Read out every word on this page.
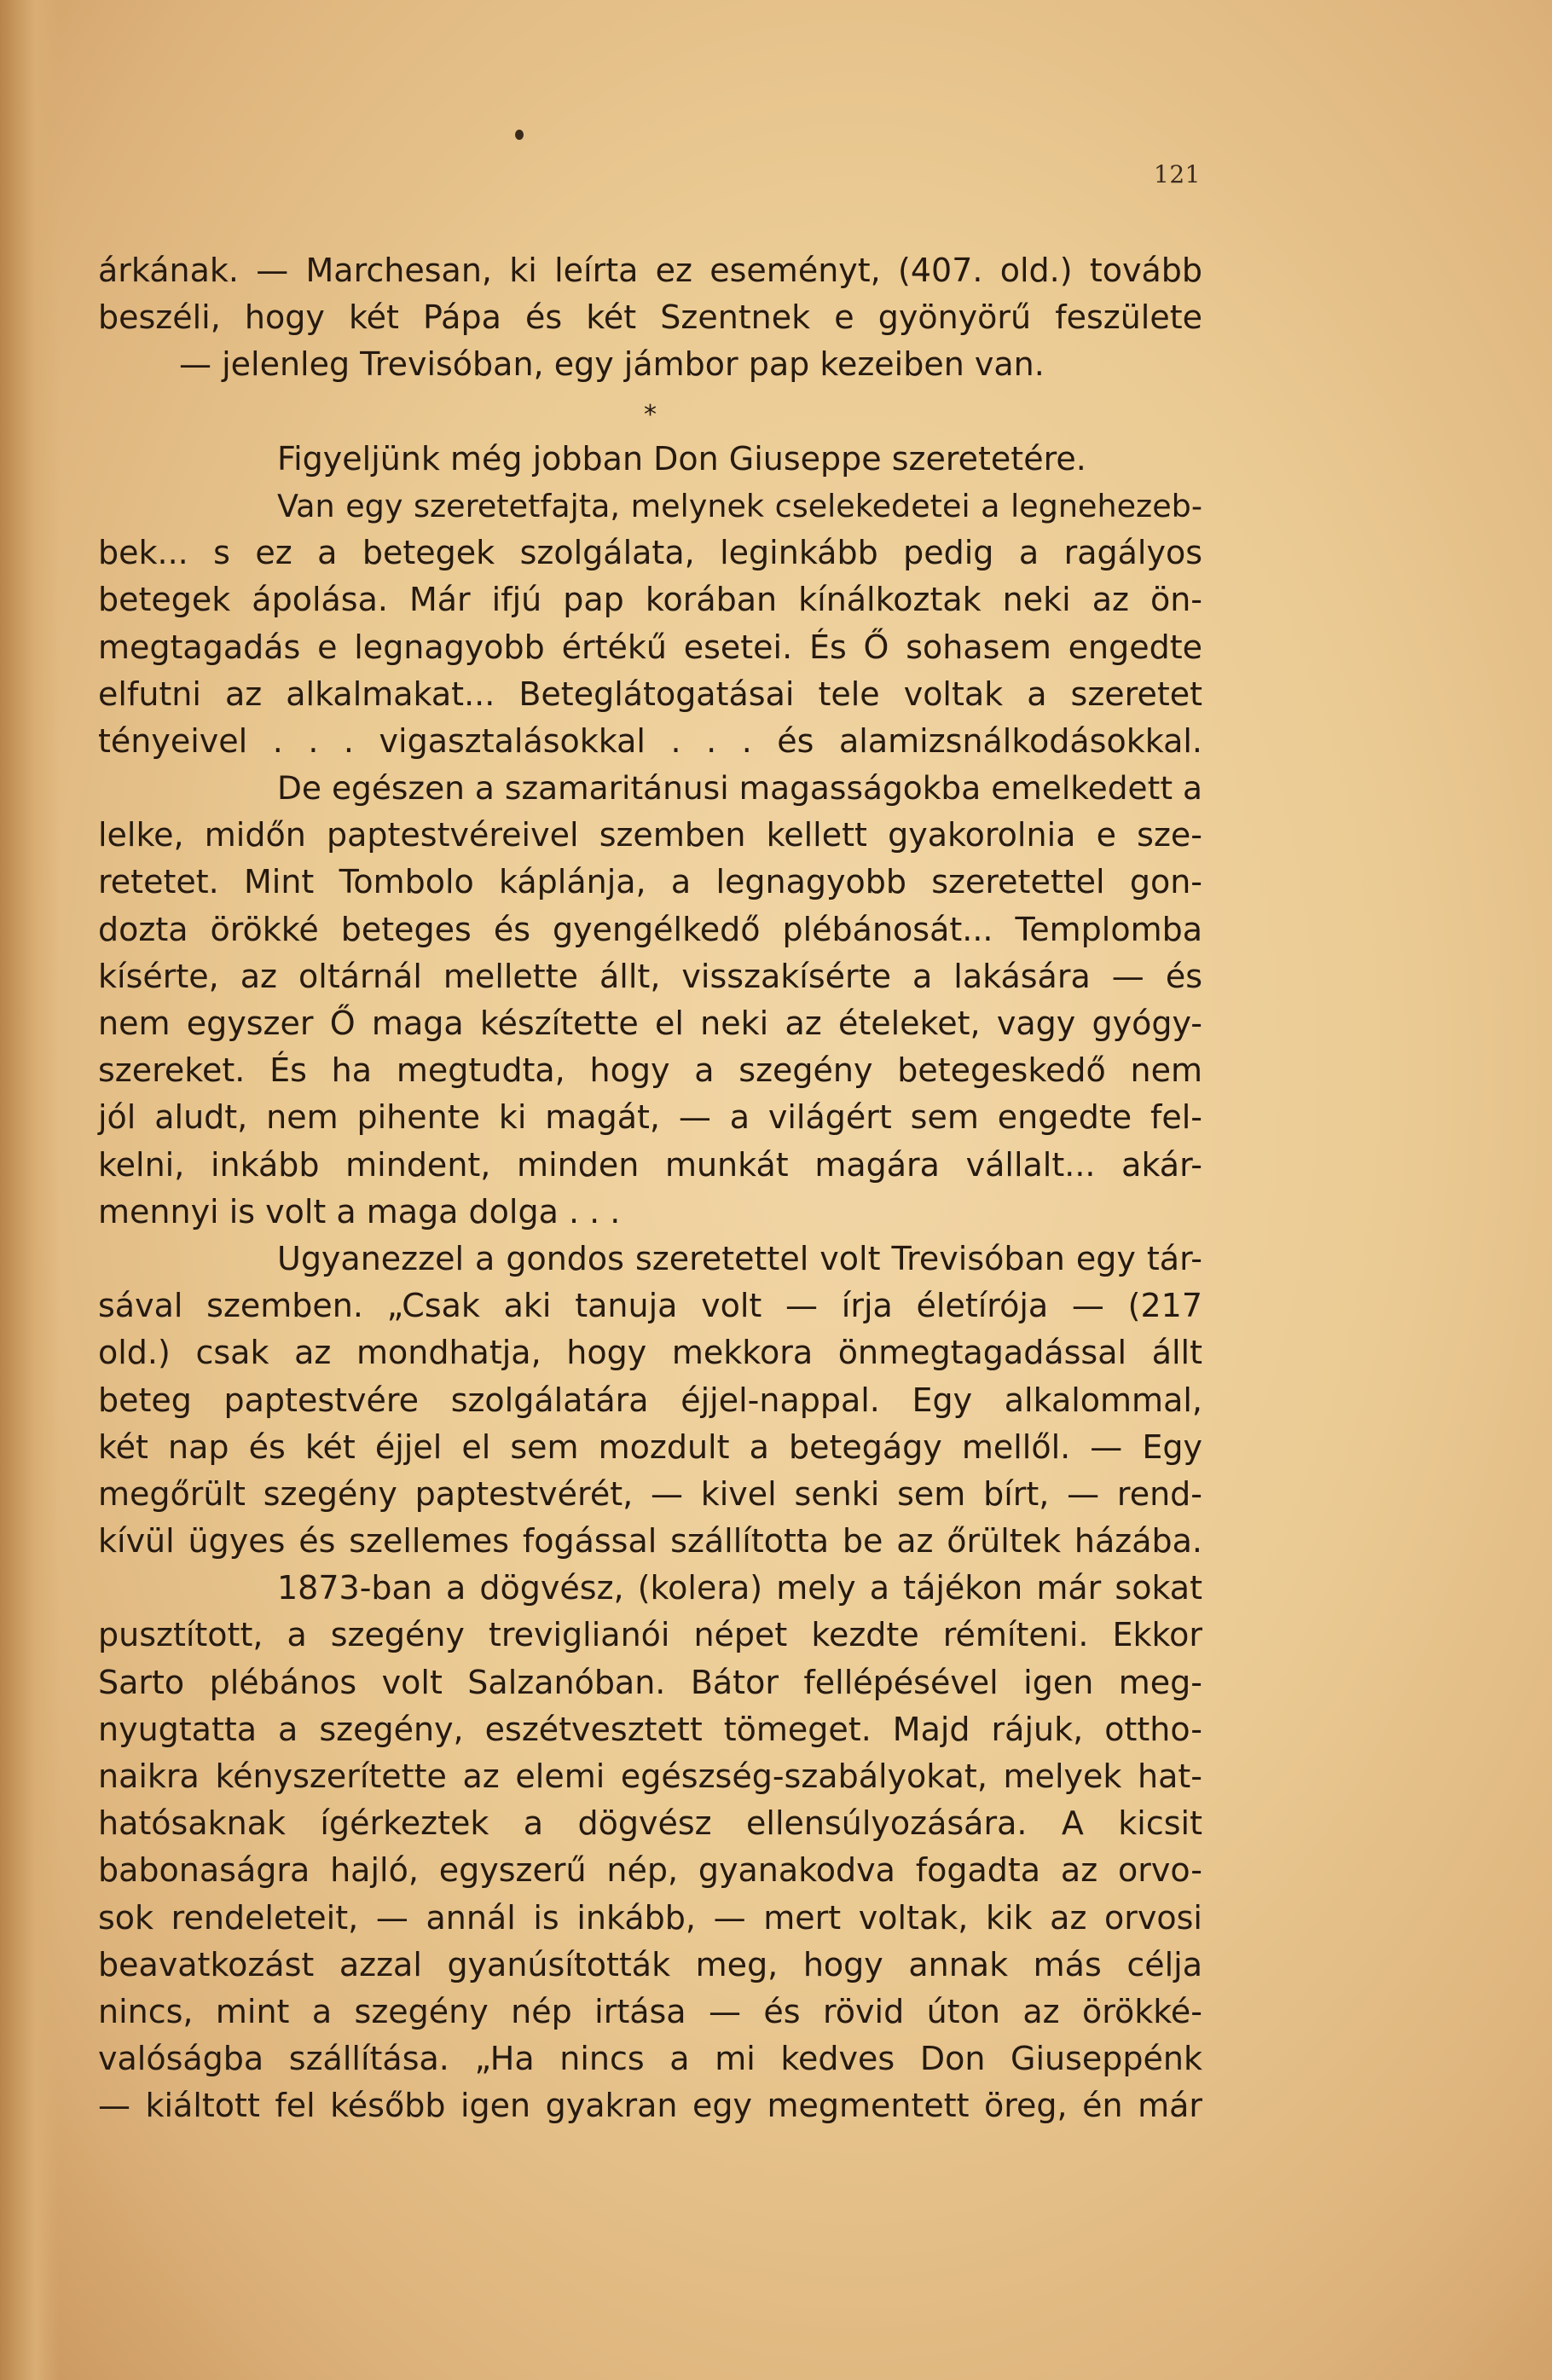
121
árkának. — Marchesan, ki leírta ez eseményt, (407. old.) tovább
beszéli, hogy két Pápa és két Szentnek e gyönyörű feszülete
— jelenleg Trevisóban, egy jámbor pap kezeiben van.
*
Figyeljünk még jobban Don Giuseppe szeretetére.
Van egy szeretetfajta, melynek cselekedetei a legnehezeb-
bek... s ez a betegek szolgálata, leginkább pedig a ragályos
betegek ápolása. Már ifjú pap korában kínálkoztak neki az ön-
megtagadás e legnagyobb értékű esetei. És Ő sohasem engedte
elfutni az alkalmakat... Beteglátogatásai tele voltak a szeretet
tényeivel . . . vigasztalásokkal . . . és alamizsnálkodásokkal.
De egészen a szamaritánusi magasságokba emelkedett a
lelke, midőn paptestvéreivel szemben kellett gyakorolnia e sze-
retetet. Mint Tombolo káplánja, a legnagyobb szeretettel gon-
dozta örökké beteges és gyengélkedő plébánosát... Templomba
kísérte, az oltárnál mellette állt, visszakísérte a lakására — és
nem egyszer Ő maga készítette el neki az ételeket, vagy gyógy-
szereket. És ha megtudta, hogy a szegény betegeskedő nem
jól aludt, nem pihente ki magát, — a világért sem engedte fel-
kelni, inkább mindent, minden munkát magára vállalt... akár-
mennyi is volt a maga dolga . . .
Ugyanezzel a gondos szeretettel volt Trevisóban egy tár-
sával szemben. „Csak aki tanuja volt — írja életírója — (217
old.) csak az mondhatja, hogy mekkora önmegtagadással állt
beteg paptestvére szolgálatára éjjel-nappal. Egy alkalommal,
két nap és két éjjel el sem mozdult a betegágy mellől. — Egy
megőrült szegény paptestvérét, — kivel senki sem bírt, — rend-
kívül ügyes és szellemes fogással szállította be az őrültek házába.
1873-ban a dögvész, (kolera) mely a tájékon már sokat
pusztított, a szegény treviglianói népet kezdte rémíteni. Ekkor
Sarto plébános volt Salzanóban. Bátor fellépésével igen meg-
nyugtatta a szegény, eszétvesztett tömeget. Majd rájuk, ottho-
naikra kényszerítette az elemi egészség-szabályokat, melyek hat-
hatósaknak ígérkeztek a dögvész ellensúlyozására. A kicsit
babonaságra hajló, egyszerű nép, gyanakodva fogadta az orvo-
sok rendeleteit, — annál is inkább, — mert voltak, kik az orvosi
beavatkozást azzal gyanúsították meg, hogy annak más célja
nincs, mint a szegény nép irtása — és rövid úton az örökké-
valóságba szállítása. „Ha nincs a mi kedves Don Giuseppénk
— kiáltott fel később igen gyakran egy megmentett öreg, én már
